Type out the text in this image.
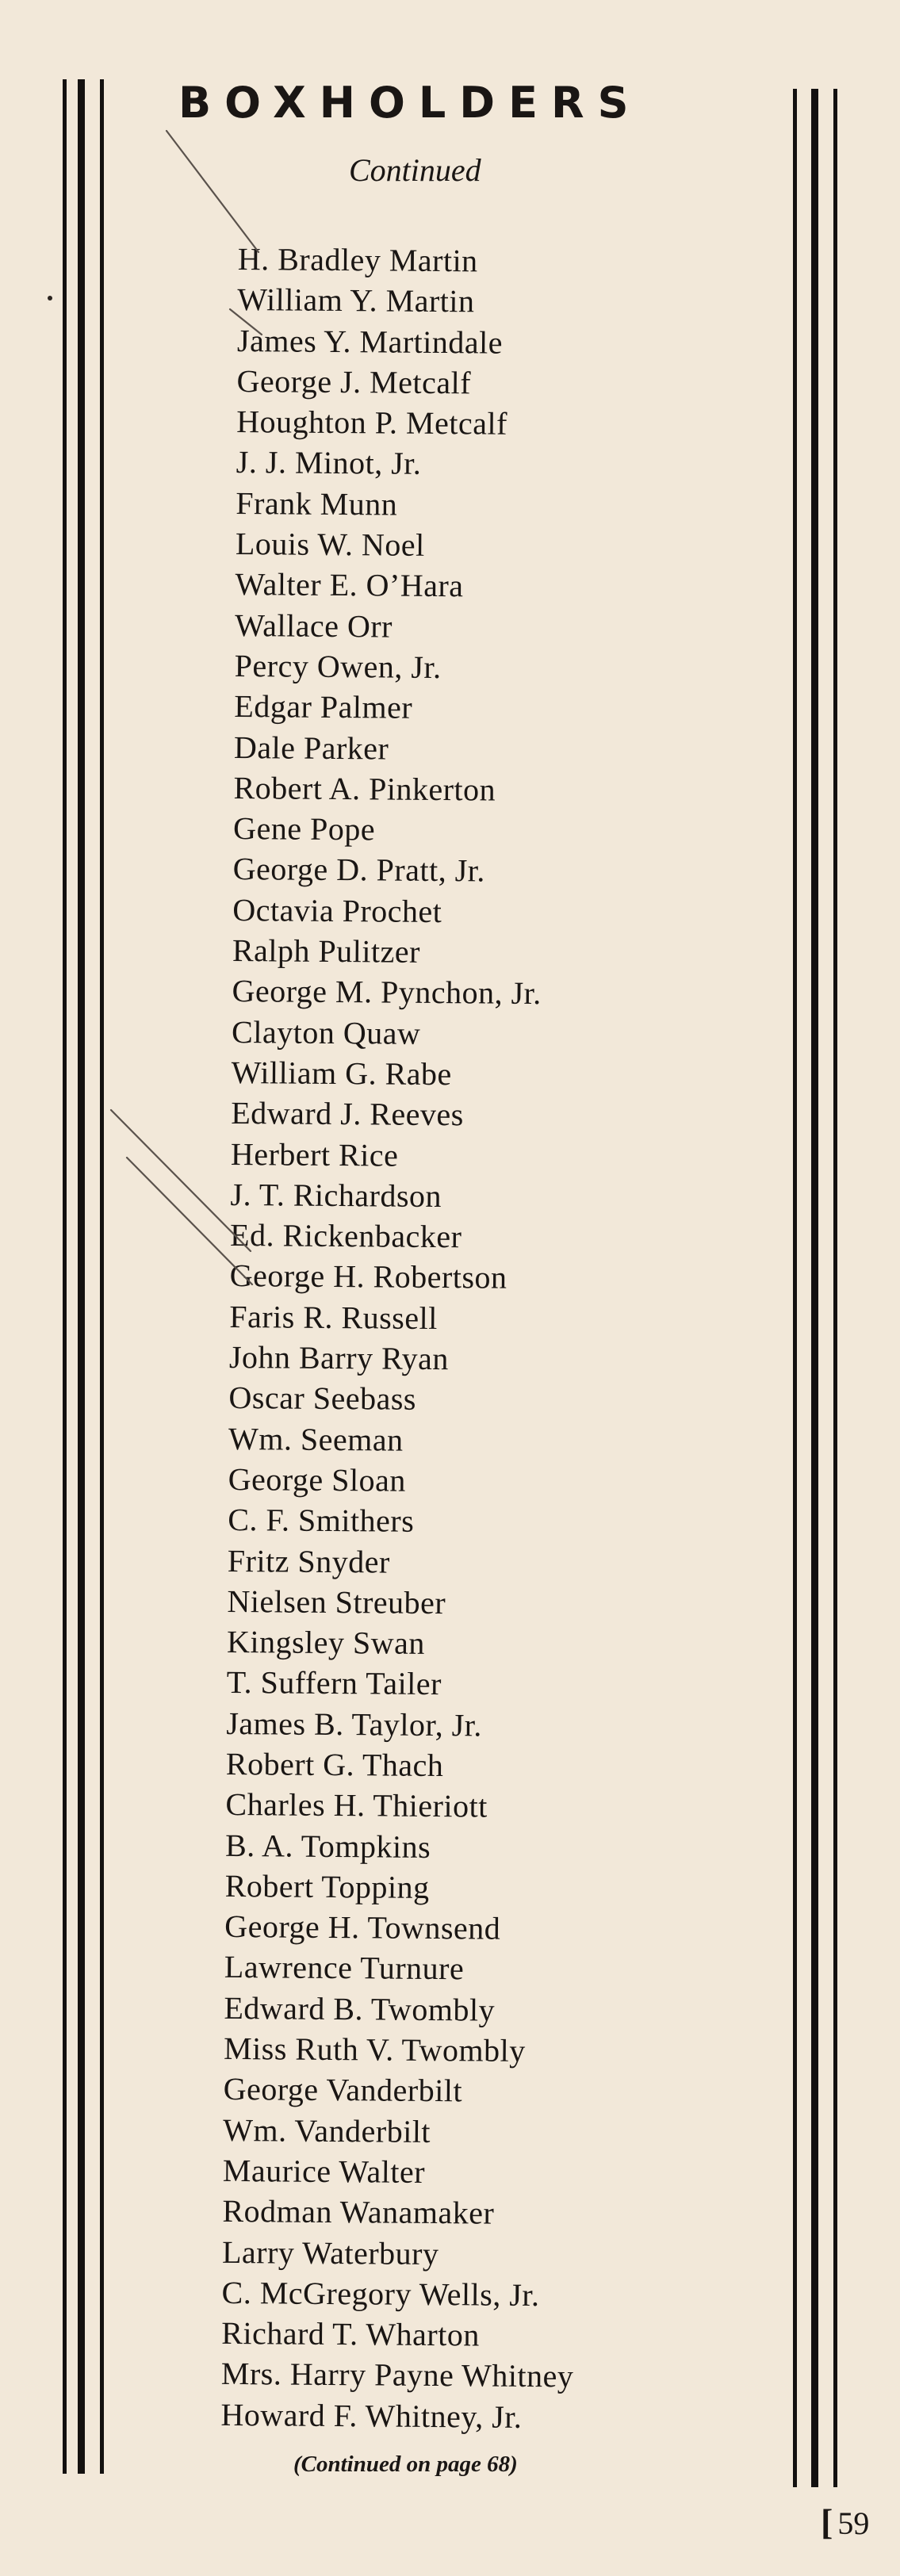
BOXHOLDERS

Continued

H. Bradley Martin
William Y. Martin
James Y. Martindale
George J. Metcalf
Houghton P. Metcalf
J. J. Minot, Jr.
Frank Munn
Louis W. Noel
Walter E. O’Hara
Wallace Orr
Percy Owen, Jr.
Edgar Palmer
Dale Parker
Robert A. Pinkerton
Gene Pope
George D. Pratt, Jr.
Octavia Prochet
Ralph Pulitzer
George M. Pynchon, Jr.
Clayton Quaw
William G. Rabe
Edward J. Reeves
Herbert Rice
J. T. Richardson
Ed. Rickenbacker
George H. Robertson
Faris R. Russell
John Barry Ryan
Oscar Seebass
Wm. Seeman
George Sloan
C. F. Smithers
Fritz Snyder
Nielsen Streuber
Kingsley Swan
T. Suffern Tailer
James B. Taylor, Jr.
Robert G. Thach
Charles H. Thieriott
B. A. Tompkins
Robert Topping
George H. Townsend
Lawrence Turnure
Edward B. Twombly
Miss Ruth V. Twombly
George Vanderbilt
Wm. Vanderbilt
Maurice Walter
Rodman Wanamaker
Larry Waterbury
C. McGregory Wells, Jr.
Richard T. Wharton
Mrs. Harry Payne Whitney
Howard F. Whitney, Jr.

(Continued on page 68)

[ 59
